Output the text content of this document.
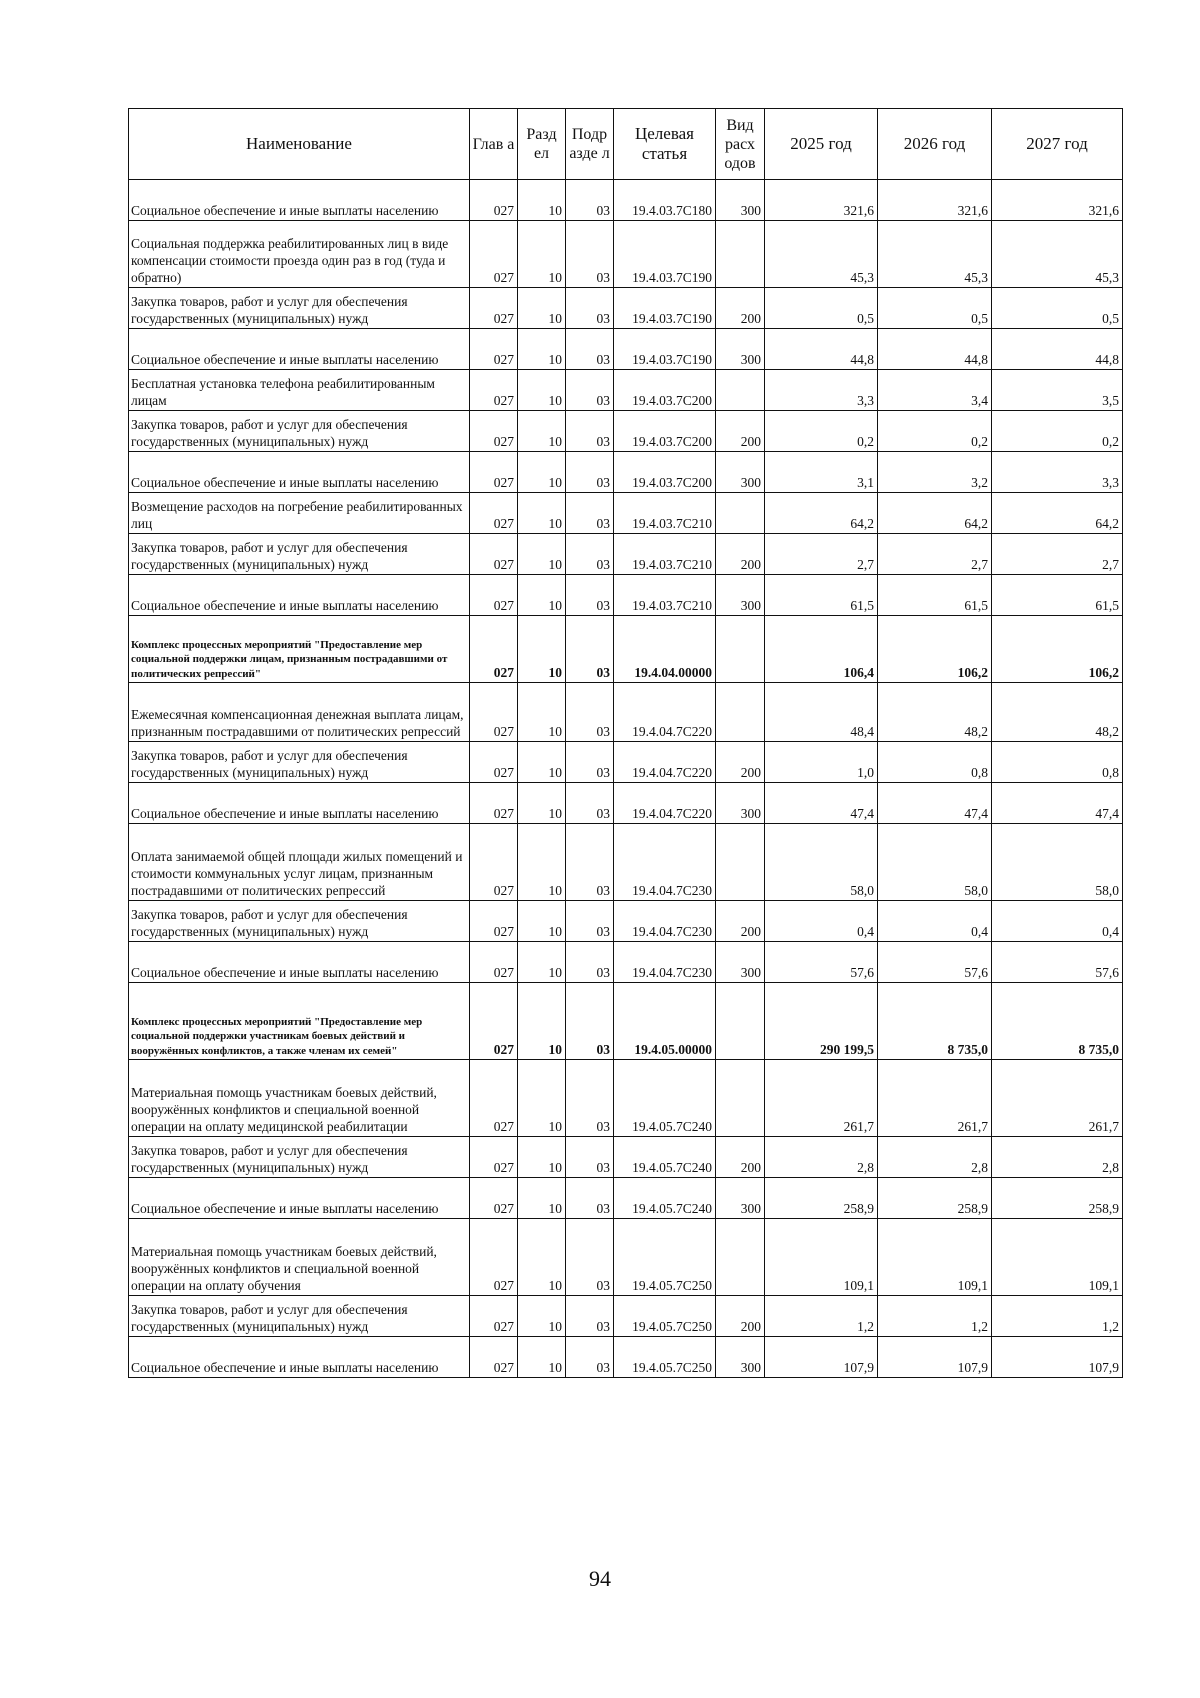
Наименование	Глав а	Разд ел	Подр азде л	Целевая статья	Вид расх одов	2025 год	2026 год	2027 год
Социальное обеспечение и иные выплаты населению	027	10	03	19.4.03.7С180	300	321,6	321,6	321,6
Социальная поддержка реабилитированных лиц в виде компенсации стоимости проезда один раз в год (туда и обратно)	027	10	03	19.4.03.7С190		45,3	45,3	45,3
Закупка товаров, работ и услуг для обеспечения государственных (муниципальных) нужд	027	10	03	19.4.03.7С190	200	0,5	0,5	0,5
Социальное обеспечение и иные выплаты населению	027	10	03	19.4.03.7С190	300	44,8	44,8	44,8
Бесплатная установка телефона реабилитированным лицам	027	10	03	19.4.03.7С200		3,3	3,4	3,5
Закупка товаров, работ и услуг для обеспечения государственных (муниципальных) нужд	027	10	03	19.4.03.7С200	200	0,2	0,2	0,2
Социальное обеспечение и иные выплаты населению	027	10	03	19.4.03.7С200	300	3,1	3,2	3,3
Возмещение расходов на погребение реабилитированных лиц	027	10	03	19.4.03.7С210		64,2	64,2	64,2
Закупка товаров, работ и услуг для обеспечения государственных (муниципальных) нужд	027	10	03	19.4.03.7С210	200	2,7	2,7	2,7
Социальное обеспечение и иные выплаты населению	027	10	03	19.4.03.7С210	300	61,5	61,5	61,5
Комплекс процессных мероприятий "Предоставление мер социальной поддержки лицам, признанным пострадавшими от политических репрессий"	027	10	03	19.4.04.00000		106,4	106,2	106,2
Ежемесячная компенсационная денежная выплата лицам, признанным пострадавшими от политических репрессий	027	10	03	19.4.04.7С220		48,4	48,2	48,2
Закупка товаров, работ и услуг для обеспечения государственных (муниципальных) нужд	027	10	03	19.4.04.7С220	200	1,0	0,8	0,8
Социальное обеспечение и иные выплаты населению	027	10	03	19.4.04.7С220	300	47,4	47,4	47,4
Оплата занимаемой общей площади жилых помещений и стоимости коммунальных услуг лицам, признанным пострадавшими от политических репрессий	027	10	03	19.4.04.7С230		58,0	58,0	58,0
Закупка товаров, работ и услуг для обеспечения государственных (муниципальных) нужд	027	10	03	19.4.04.7С230	200	0,4	0,4	0,4
Социальное обеспечение и иные выплаты населению	027	10	03	19.4.04.7С230	300	57,6	57,6	57,6
Комплекс процессных мероприятий "Предоставление мер социальной поддержки участникам боевых действий и вооружённых конфликтов, а также членам их семей"	027	10	03	19.4.05.00000		290 199,5	8 735,0	8 735,0
Материальная помощь участникам боевых действий, вооружённых конфликтов и специальной военной операции на оплату медицинской реабилитации	027	10	03	19.4.05.7С240		261,7	261,7	261,7
Закупка товаров, работ и услуг для обеспечения государственных (муниципальных) нужд	027	10	03	19.4.05.7С240	200	2,8	2,8	2,8
Социальное обеспечение и иные выплаты населению	027	10	03	19.4.05.7С240	300	258,9	258,9	258,9
Материальная помощь участникам боевых действий, вооружённых конфликтов и специальной военной операции на оплату обучения	027	10	03	19.4.05.7С250		109,1	109,1	109,1
Закупка товаров, работ и услуг для обеспечения государственных (муниципальных) нужд	027	10	03	19.4.05.7С250	200	1,2	1,2	1,2
Социальное обеспечение и иные выплаты населению	027	10	03	19.4.05.7С250	300	107,9	107,9	107,9
94
